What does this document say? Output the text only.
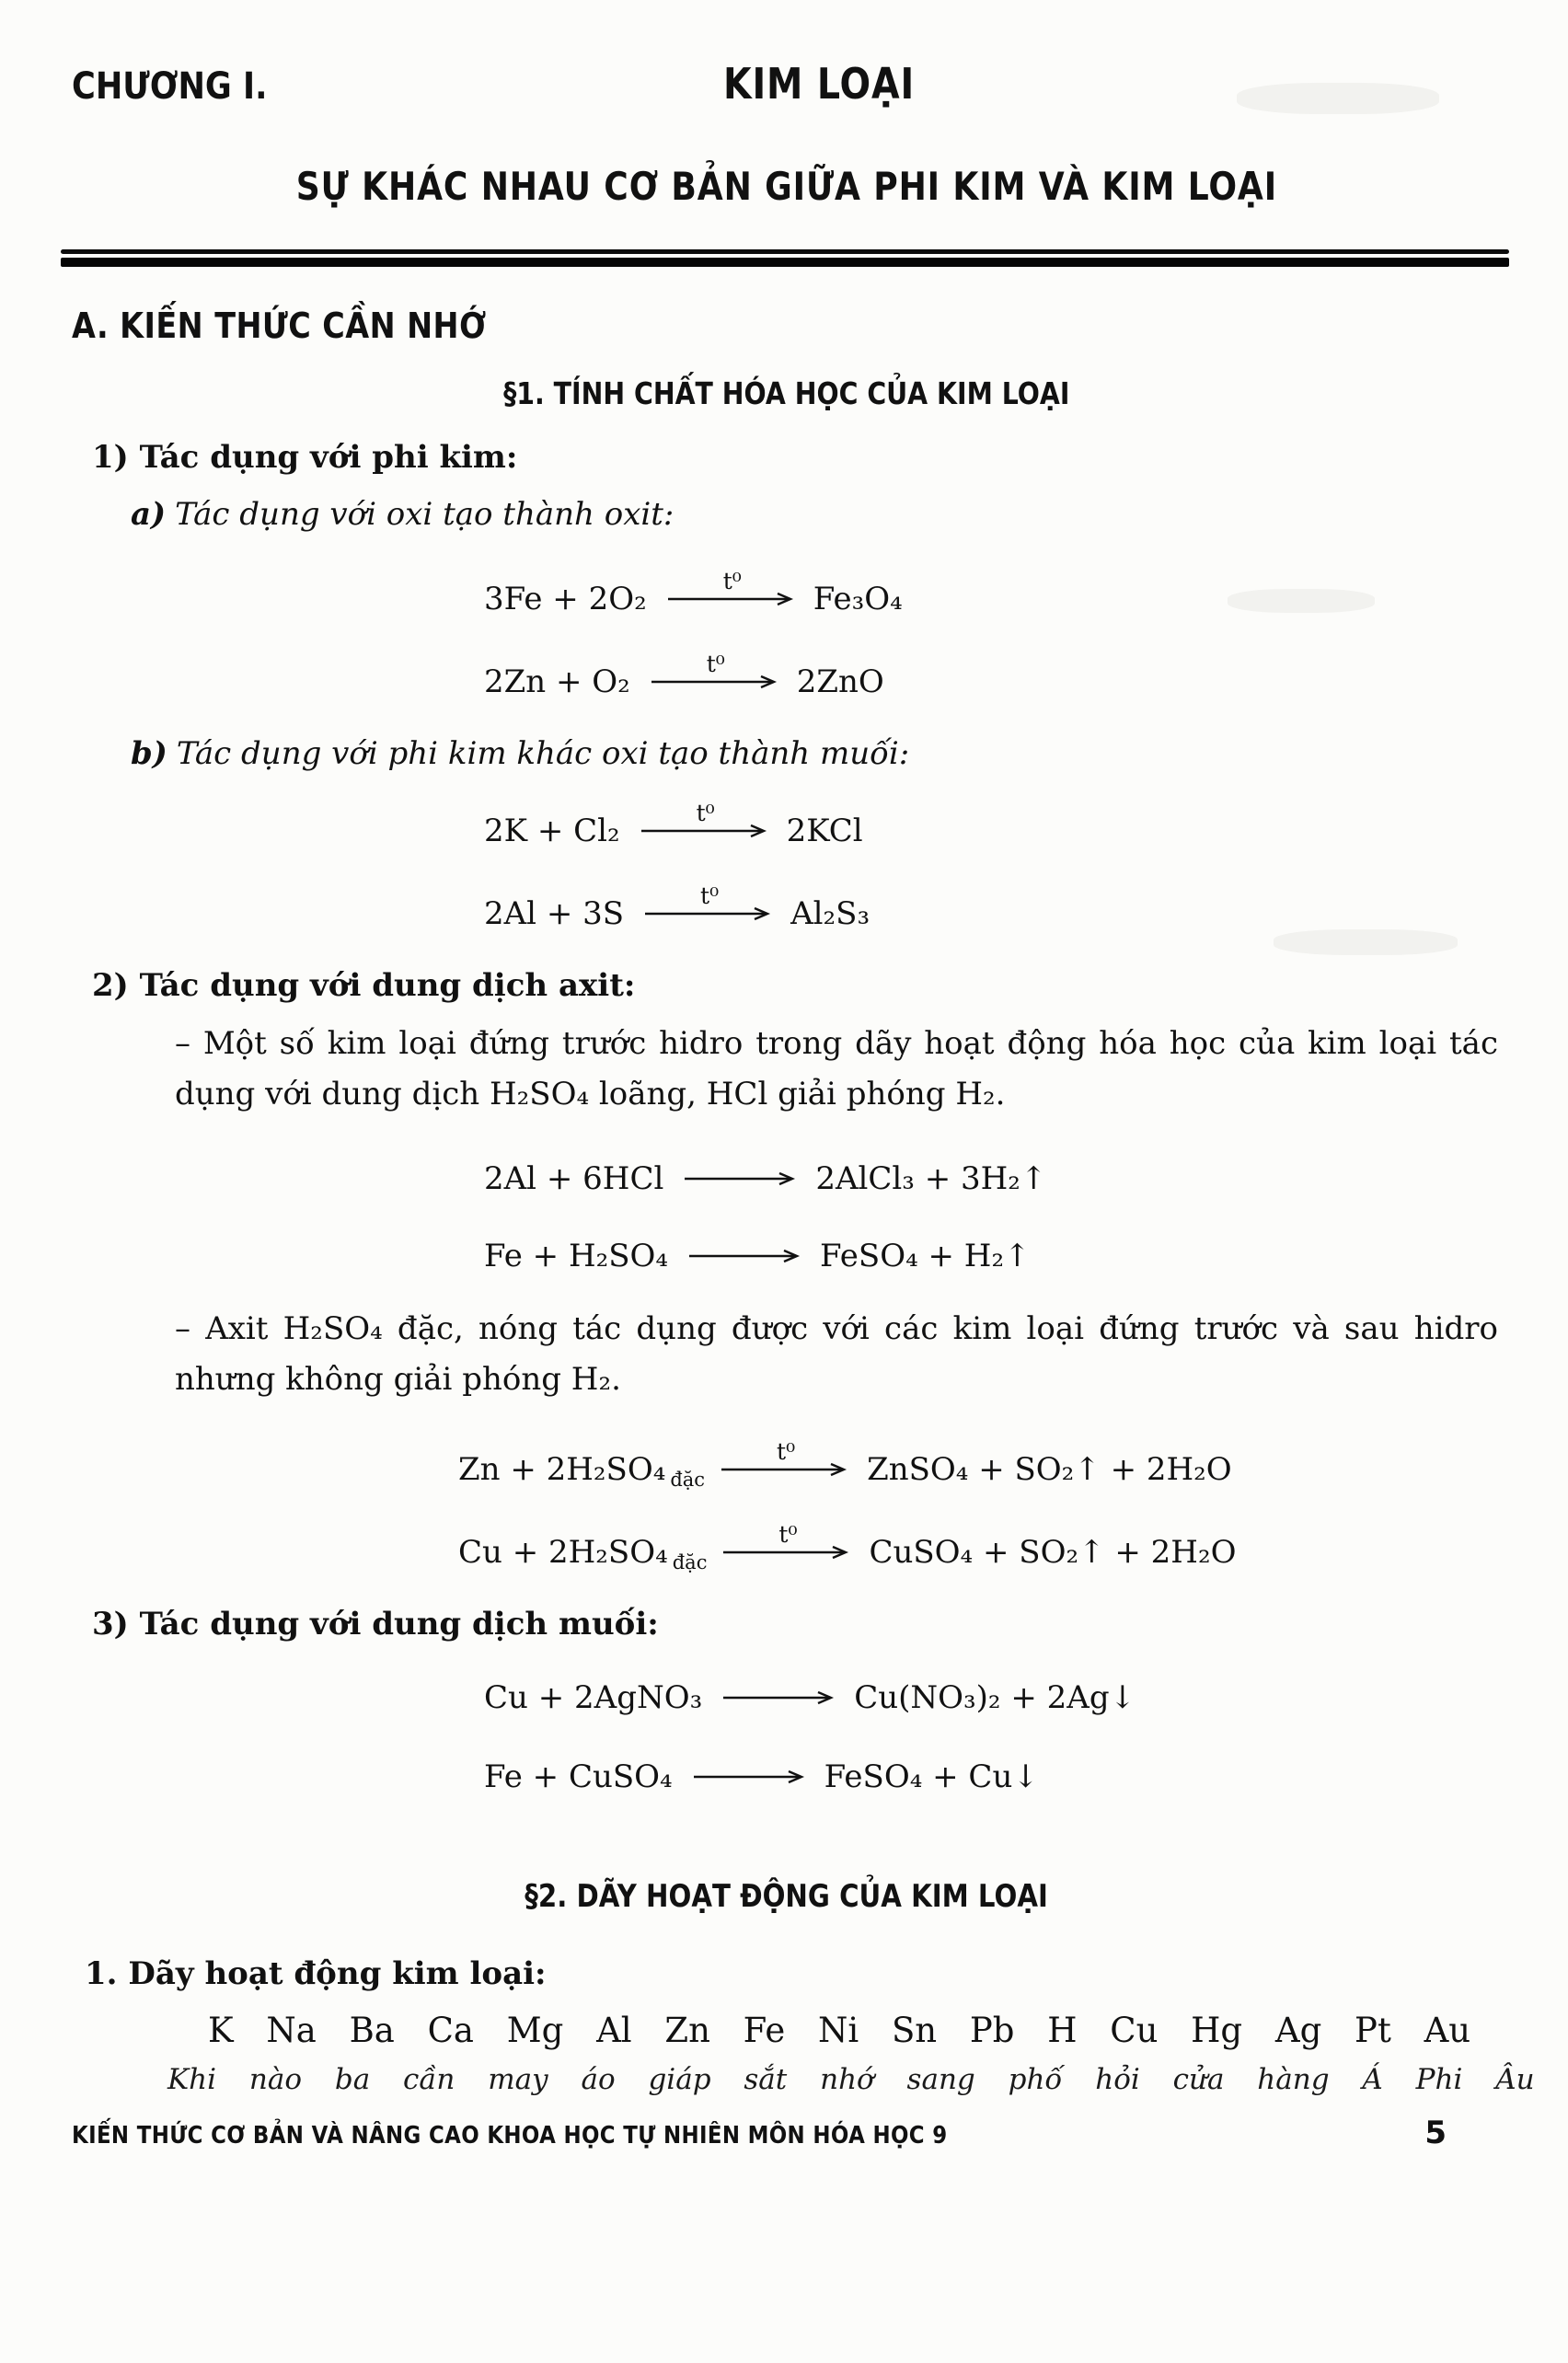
CHƯƠNG I.	KIM LOẠI
SỰ KHÁC NHAU CƠ BẢN GIỮA PHI KIM VÀ KIM LOẠI
A. KIẾN THỨC CẦN NHỚ
§1. TÍNH CHẤT HÓA HỌC CỦA KIM LOẠI
1) Tác dụng với phi kim:
a) Tác dụng với oxi tạo thành oxit:
3Fe + 2O₂	t⁰ Fe₃O₄
2Zn + O₂	t⁰ 2ZnO
b) Tác dụng với phi kim khác oxi tạo thành muối:
2K + Cl₂	t⁰ 2KCl
2Al + 3S	t⁰ Al₂S₃
2) Tác dụng với dung dịch axit:
– Một số kim loại đứng trước hidro trong dãy hoạt động hóa học của kim loại tác dụng với dung dịch H₂SO₄ loãng, HCl giải phóng H₂.
2Al + 6HCl → 2AlCl₃ + 3H₂↑
Fe + H₂SO₄ → FeSO₄ + H₂↑
– Axit H₂SO₄ đặc, nóng tác dụng được với các kim loại đứng trước và sau hidro nhưng không giải phóng H₂.
Zn + 2H₂SO₄ đặc
t⁰ ZnSO₄ + SO₂↑ + 2H₂O
Cu + 2H₂SO₄ đặc
t⁰ CuSO₄ + SO₂↑ + 2H₂O
3) Tác dụng với dung dịch muối:
Cu + 2AgNO₃ → Cu(NO₃)₂ + 2Ag↓
Fe + CuSO₄ → FeSO₄ + Cu↓
§2. DÃY HOẠT ĐỘNG CỦA KIM LOẠI
1. Dãy hoạt động kim loại:
K Na Ba Ca Mg Al Zn Fe Ni Sn Pb H Cu Hg Ag Pt Au
Khi nào ba cần may áo giáp sắt nhớ sang phố hỏi cửa hàng Á Phi Âu
KIẾN THỨC CƠ BẢN VÀ NÂNG CAO KHOA HỌC TỰ NHIÊN MÔN HÓA HỌC 9	5
